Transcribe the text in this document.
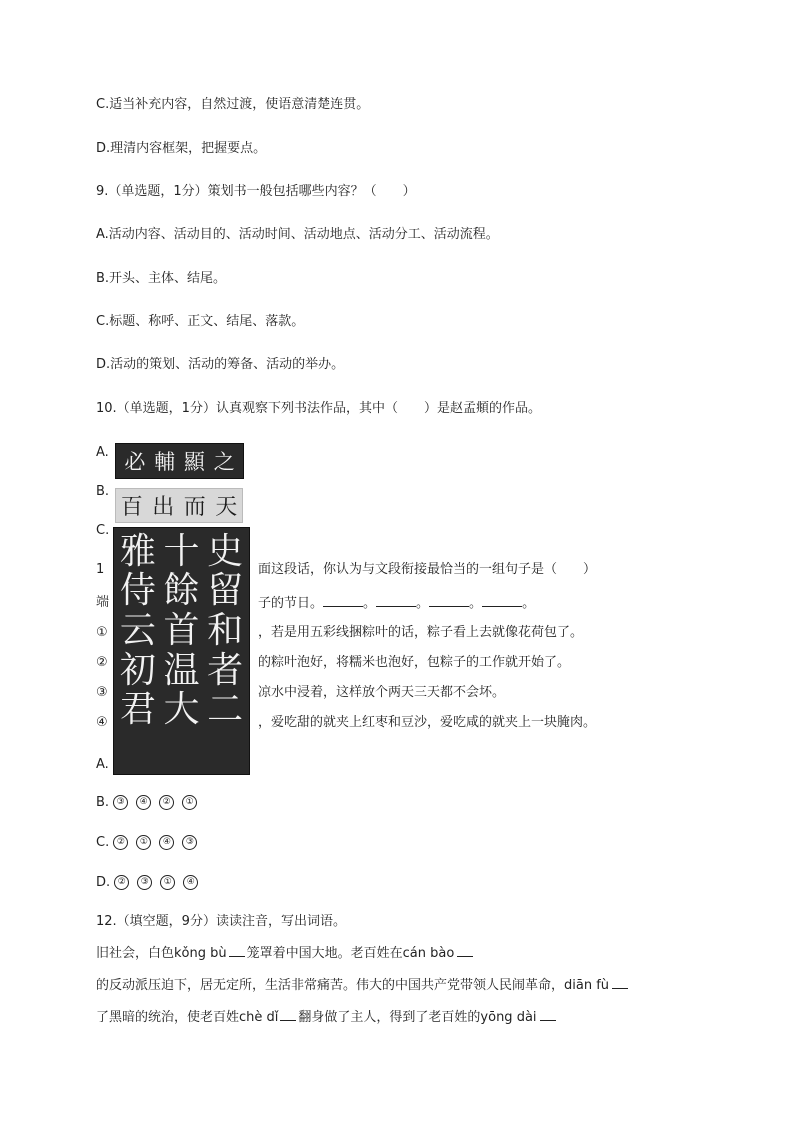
C.适当补充内容，自然过渡，使语意清楚连贯。
D.理清内容框架，把握要点。
9.（单选题，1分）策划书一般包括哪些内容？（　　）
A.活动内容、活动目的、活动时间、活动地点、活动分工、活动流程。
B.开头、主体、结尾。
C.标题、称呼、正文、结尾、落款。
D.活动的策划、活动的筹备、活动的举办。
10.（单选题，1分）认真观察下列书法作品，其中（　　）是赵孟頫的作品。
A.
B.
C.
1	面这段话，你认为与文段衔接最恰当的一组句子是（　　）
端	子的节日。	。	。	。	。
①	，若是用五彩线捆粽叶的话，粽子看上去就像花荷包了。
②	的粽叶泡好，将糯米也泡好，包粽子的工作就开始了。
③	凉水中浸着，这样放个两天三天都不会坏。
④	，爱吃甜的就夹上红枣和豆沙，爱吃咸的就夹上一块腌肉。
A.
B. ③ ④ ② ①
C. ② ① ④ ③
D. ② ③ ① ④
12.（填空题，9分）读读注音，写出词语。
旧社会，白色kǒng bù 笼罩着中国大地。老百姓在cán bào
的反动派压迫下，居无定所，生活非常痛苦。伟大的中国共产党带领人民闹革命，diān fù
了黑暗的统治，使老百姓chè dǐ 翻身做了主人，得到了老百姓的yōng dài
必 輔 顯 之
百 出 而 天
雅 十 史
侍 餘 留
云 首 和
初 温 者
君 大 二
